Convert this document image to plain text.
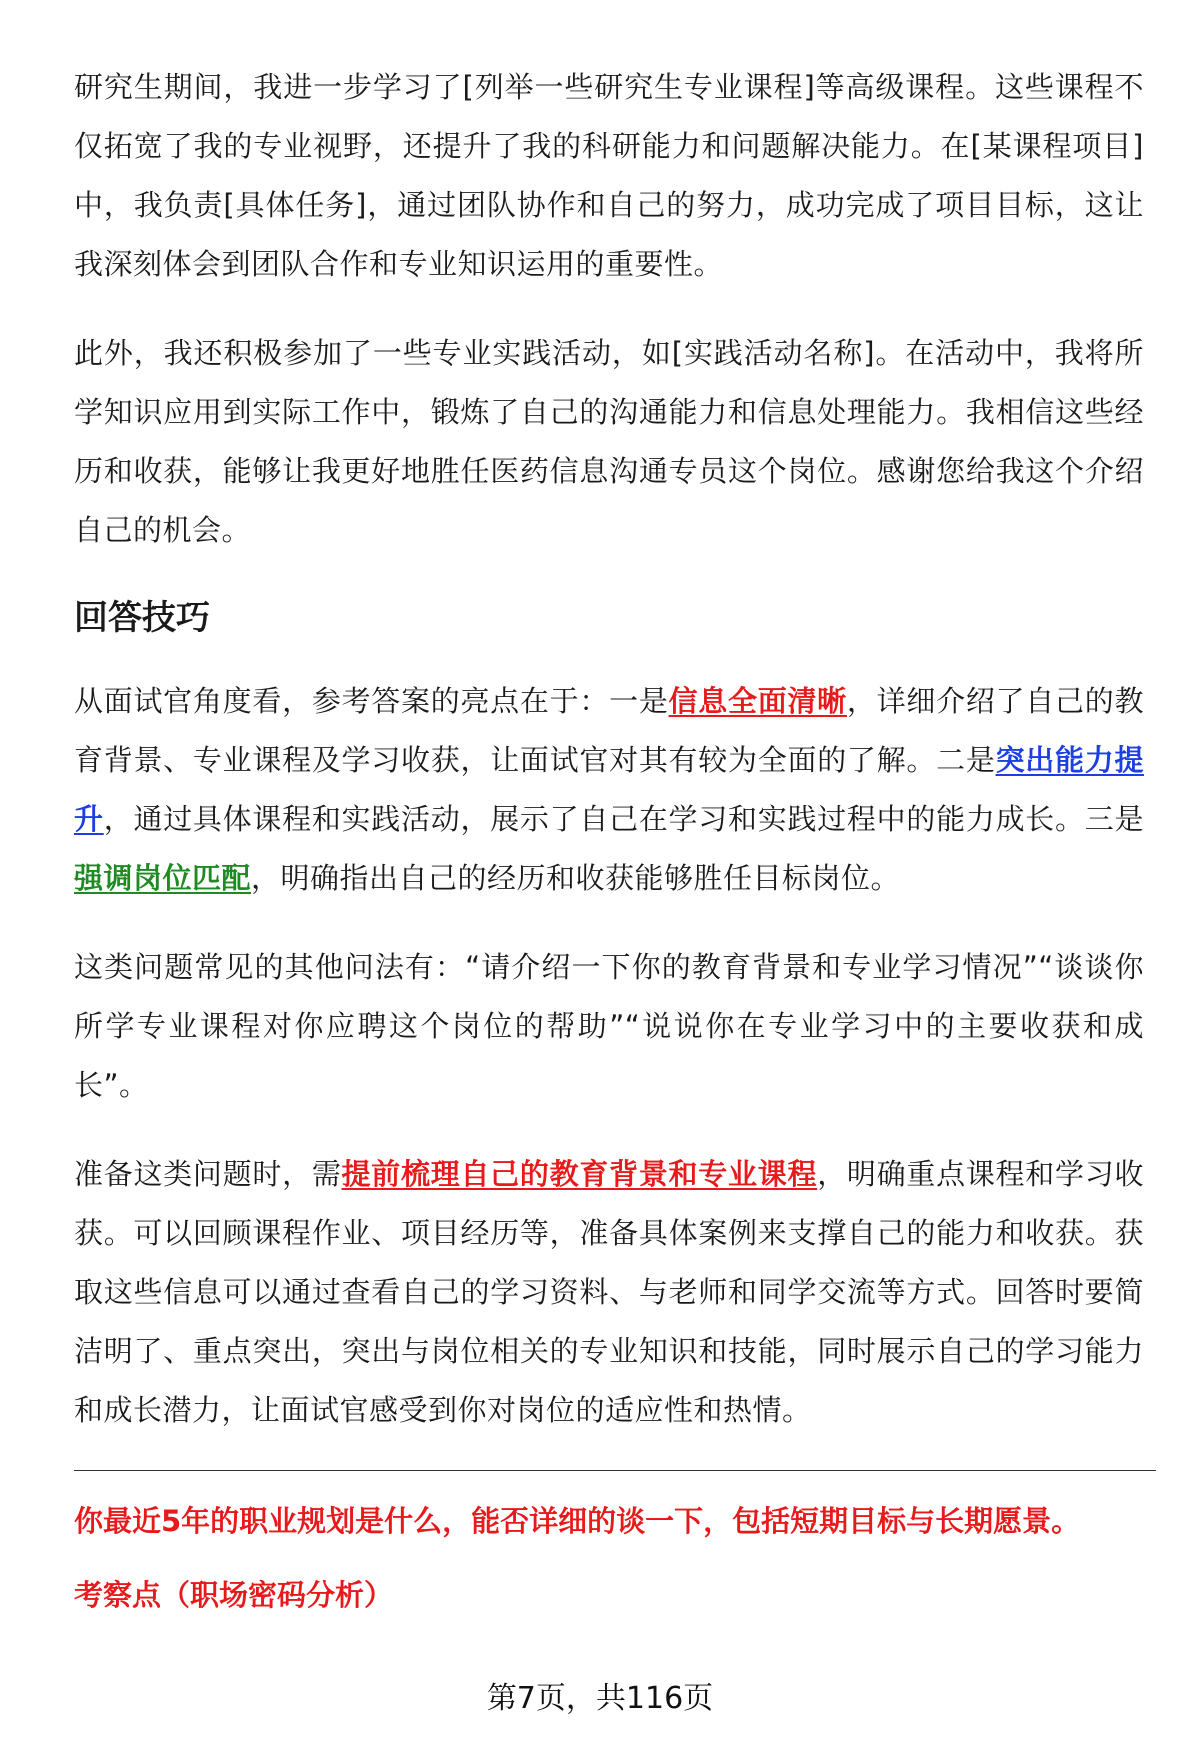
研究生期间，我进一步学习了[列举一些研究生专业课程]等高级课程。这些课程不仅拓宽了我的专业视野，还提升了我的科研能力和问题解决能力。在[某课程项目]中，我负责[具体任务]，通过团队协作和自己的努力，成功完成了项目目标，这让我深刻体会到团队合作和专业知识运用的重要性。

此外，我还积极参加了一些专业实践活动，如[实践活动名称]。在活动中，我将所学知识应用到实际工作中，锻炼了自己的沟通能力和信息处理能力。我相信这些经历和收获，能够让我更好地胜任医药信息沟通专员这个岗位。感谢您给我这个介绍自己的机会。

回答技巧

从面试官角度看，参考答案的亮点在于：一是信息全面清晰，详细介绍了自己的教育背景、专业课程及学习收获，让面试官对其有较为全面的了解。二是突出能力提升，通过具体课程和实践活动，展示了自己在学习和实践过程中的能力成长。三是强调岗位匹配，明确指出自己的经历和收获能够胜任目标岗位。

这类问题常见的其他问法有：“请介绍一下你的教育背景和专业学习情况”“谈谈你所学专业课程对你应聘这个岗位的帮助”“说说你在专业学习中的主要收获和成长”。

准备这类问题时，需提前梳理自己的教育背景和专业课程，明确重点课程和学习收获。可以回顾课程作业、项目经历等，准备具体案例来支撑自己的能力和收获。获取这些信息可以通过查看自己的学习资料、与老师和同学交流等方式。回答时要简洁明了、重点突出，突出与岗位相关的专业知识和技能，同时展示自己的学习能力和成长潜力，让面试官感受到你对岗位的适应性和热情。

你最近5年的职业规划是什么，能否详细的谈一下，包括短期目标与长期愿景。
考察点（职场密码分析）
第7页，共116页
